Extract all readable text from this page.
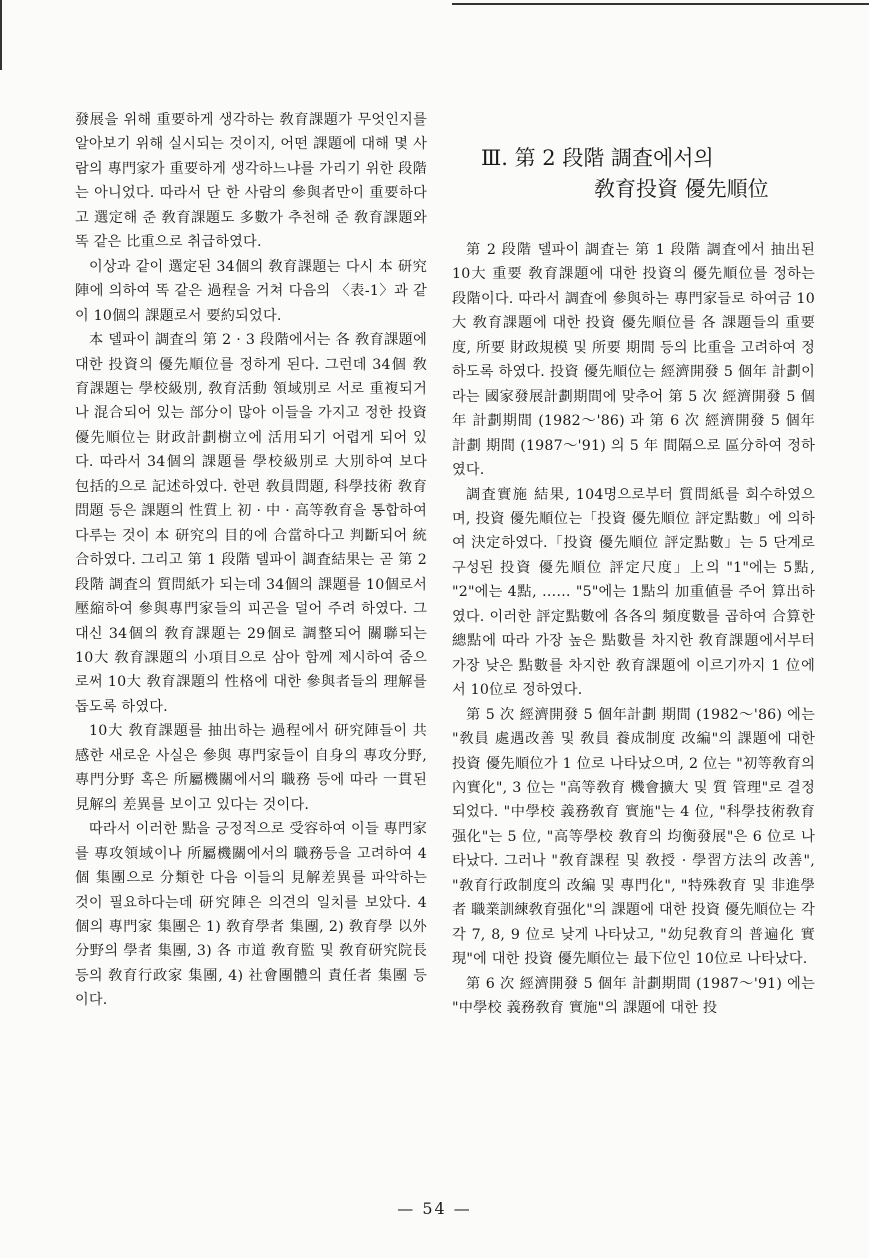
發展을 위해 重要하게 생각하는 敎育課題가 무엇인지를 알아보기 위해 실시되는 것이지, 어떤 課題에 대해 몇 사람의 專門家가 重要하게 생각하느냐를 가리기 위한 段階는 아니었다. 따라서 단 한 사람의 參與者만이 重要하다고 選定해 준 敎育課題도 多數가 추천해 준 敎育課題와 똑 같은 比重으로 취급하였다.

이상과 같이 選定된 34個의 敎育課題는 다시 本 研究陣에 의하여 똑 같은 過程을 거쳐 다음의 〈表-1〉과 같이 10個의 課題로서 要約되었다.

本 델파이 調査의 第 2 · 3 段階에서는 各 敎育課題에 대한 投資의 優先順位를 정하게 된다. 그런데 34個 敎育課題는 學校級別, 敎育活動 領域別로 서로 重複되거나 混合되어 있는 部分이 많아 이들을 가지고 정한 投資 優先順位는 財政計劃樹立에 活用되기 어렵게 되어 있다. 따라서 34個의 課題를 學校級別로 大別하여 보다 包括的으로 記述하였다. 한편 敎員問題, 科學技術 敎育問題 등은 課題의 性質上 初 · 中 · 高等敎育을 통합하여 다루는 것이 本 研究의 目的에 合當하다고 判斷되어 統合하였다. 그리고 第 1 段階 델파이 調査結果는 곧 第 2 段階 調査의 質問紙가 되는데 34個의 課題를 10個로서 壓縮하여 參與專門家들의 피곤을 덜어 주려 하였다. 그 대신 34個의 敎育課題는 29個로 調整되어 關聯되는 10大 敎育課題의 小項目으로 삼아 함께 제시하여 줌으로써 10大 敎育課題의 性格에 대한 參與者들의 理解를 돕도록 하였다.

10大 敎育課題를 抽出하는 過程에서 研究陣들이 共感한 새로운 사실은 參與 專門家들이 自身의 專攻分野, 專門分野 혹은 所屬機關에서의 職務 등에 따라 一貫된 見解의 差異를 보이고 있다는 것이다.

따라서 이러한 點을 긍정적으로 受容하여 이들 專門家를 專攻領域이나 所屬機關에서의 職務등을 고려하여 4 個 集團으로 分類한 다음 이들의 見解差異를 파악하는 것이 필요하다는데 研究陣은 의견의 일치를 보았다. 4 個의 專門家 集團은 1) 敎育學者 集團, 2) 敎育學 以外分野의 學者 集團, 3) 各 市道 敎育監 및 敎育研究院長 등의 敎育行政家 集團, 4) 社會團體의 責任者 集團 등이다.

Ⅲ. 第 2 段階 調査에서의
敎育投資 優先順位

第 2 段階 델파이 調査는 第 1 段階 調査에서 抽出된 10大 重要 敎育課題에 대한 投資의 優先順位를 정하는 段階이다. 따라서 調査에 參與하는 專門家들로 하여금 10大 敎育課題에 대한 投資 優先順位를 各 課題들의 重要度, 所要 財政規模 및 所要 期間 등의 比重을 고려하여 정하도록 하였다. 投資 優先順位는 經濟開發 5 個年 計劃이라는 國家發展計劃期間에 맞추어 第 5 次 經濟開發 5 個年 計劃期間 (1982～'86) 과 第 6 次 經濟開發 5 個年 計劃 期間 (1987～'91) 의 5 年 間隔으로 區分하여 정하였다.

調査實施 結果, 104명으로부터 質問紙를 회수하였으며, 投資 優先順位는「投資 優先順位 評定點數」에 의하여 決定하였다.「投資 優先順位 評定點數」는 5 단계로 구성된 投資 優先順位 評定尺度」上의 "1"에는 5點, "2"에는 4點, …… "5"에는 1點의 加重値를 주어 算出하였다. 이러한 評定點數에 各各의 頻度數를 곱하여 合算한 總點에 따라 가장 높은 點數를 차지한 敎育課題에서부터 가장 낮은 點數를 차지한 敎育課題에 이르기까지 1 位에서 10位로 정하였다.

第 5 次 經濟開發 5 個年計劃 期間 (1982～'86) 에는 "敎員 處遇改善 및 敎員 養成制度 改編"의 課題에 대한 投資 優先順位가 1 位로 나타났으며, 2 位는 "初等敎育의 內實化", 3 位는 "高等敎育 機會擴大 및 質 管理"로 결정되었다. "中學校 義務敎育 實施"는 4 位, "科學技術敎育 强化"는 5 位, "高等學校 敎育의 均衡發展"은 6 位로 나타났다. 그러나 "敎育課程 및 敎授 · 學習方法의 改善", "敎育行政制度의 改編 및 專門化", "特殊敎育 및 非進學者 職業訓練敎育强化"의 課題에 대한 投資 優先順位는 각각 7, 8, 9 位로 낮게 나타났고, "幼兒敎育의 普遍化 實現"에 대한 投資 優先順位는 最下位인 10位로 나타났다.

第 6 次 經濟開發 5 個年 計劃期間 (1987～'91) 에는 "中學校 義務敎育 實施"의 課題에 대한 投

— 54 —
